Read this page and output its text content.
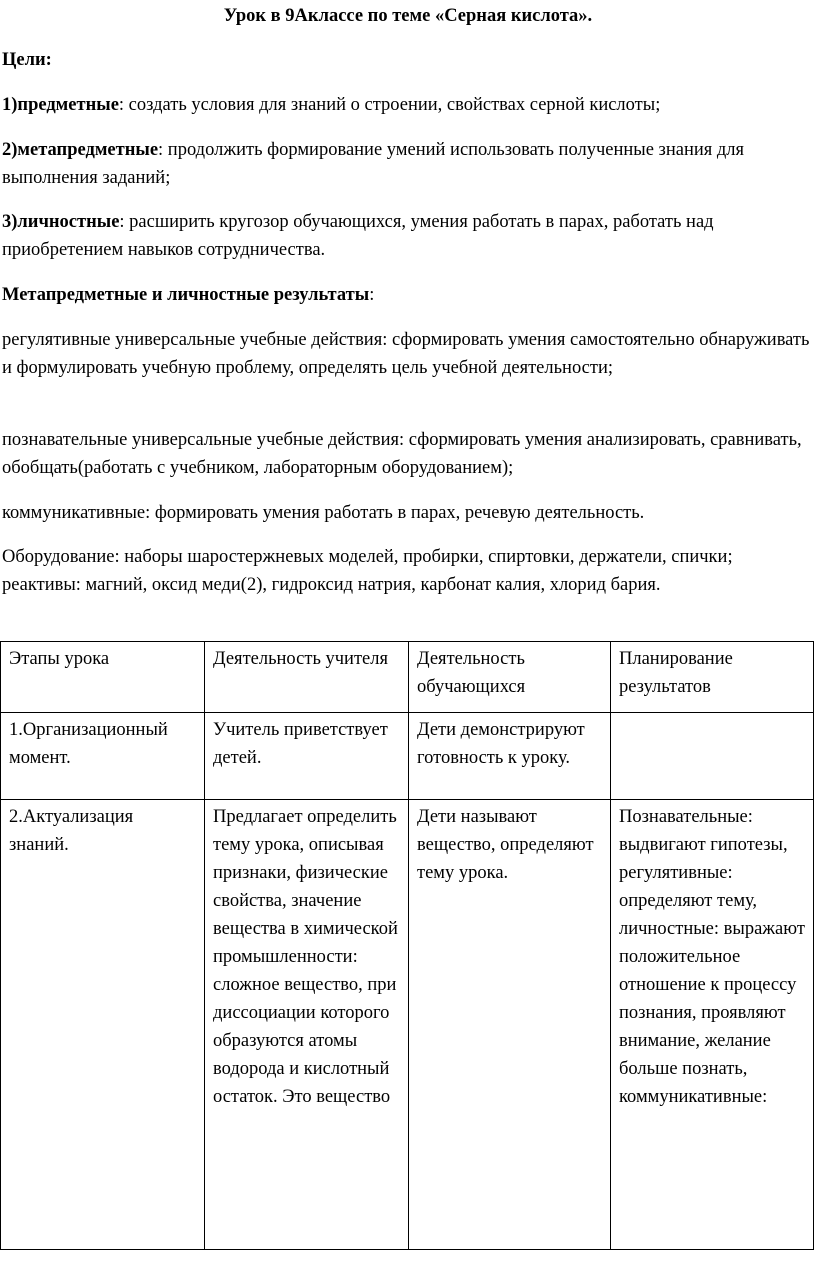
Урок в 9Аклассе по теме «Серная кислота».

Цели:

1)предметные: создать условия для знаний о строении, свойствах серной кислоты;

2)метапредметные: продолжить формирование умений использовать полученные знания для выполнения заданий;

3)личностные: расширить кругозор обучающихся, умения работать в парах, работать над приобретением навыков сотрудничества.

Метапредметные и личностные результаты:

регулятивные универсальные учебные действия: сформировать умения самостоятельно обнаруживать и формулировать учебную проблему, определять цель учебной деятельности;

познавательные универсальные учебные действия: сформировать умения анализировать, сравнивать, обобщать(работать с учебником, лабораторным оборудованием);

коммуникативные: формировать умения работать в парах, речевую деятельность.

Оборудование: наборы шаростержневых моделей, пробирки, спиртовки, держатели, спички; реактивы: магний, оксид меди(2), гидроксид натрия, карбонат калия, хлорид бария.

Этапы урока	Деятельность учителя	Деятельность обучающихся	Планирование результатов
1.Организационный момент.	Учитель приветствует детей.	Дети демонстрируют готовность к уроку.	
2.Актуализация знаний.	Предлагает определить тему урока, описывая признаки, физические свойства, значение вещества в химической промышленности: сложное вещество, при диссоциации которого образуются атомы водорода и кислотный остаток. Это вещество	Дети называют вещество, определяют тему урока.	Познавательные: выдвигают гипотезы, регулятивные: определяют тему, личностные: выражают положительное отношение к процессу познания, проявляют внимание, желание больше познать, коммуникативные:
